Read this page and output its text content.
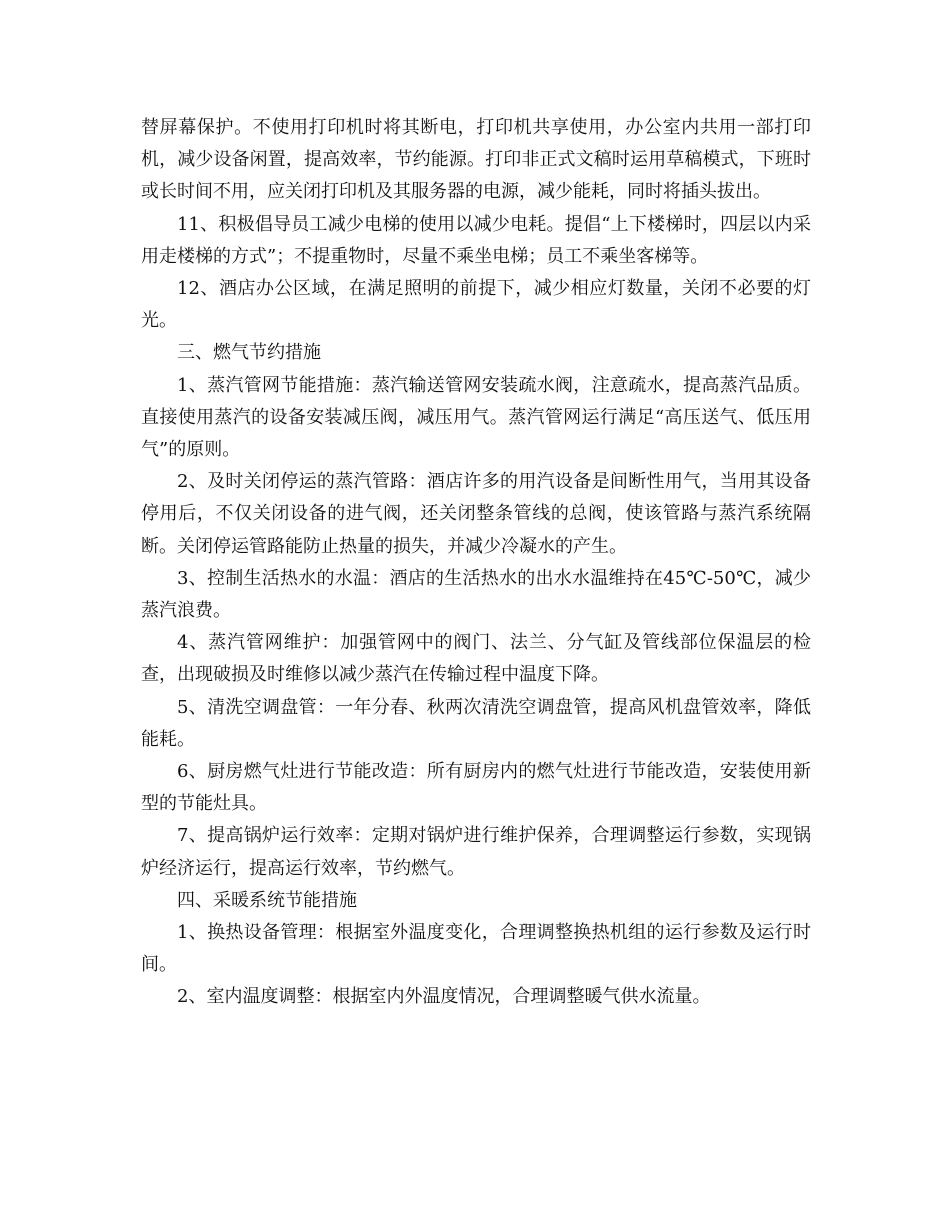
替屏幕保护。不使用打印机时将其断电，打印机共享使用，办公室内共用一部打印机，减少设备闲置，提高效率，节约能源。打印非正式文稿时运用草稿模式，下班时或长时间不用，应关闭打印机及其服务器的电源，减少能耗，同时将插头拔出。

11、积极倡导员工减少电梯的使用以减少电耗。提倡“上下楼梯时，四层以内采用走楼梯的方式”；不提重物时，尽量不乘坐电梯；员工不乘坐客梯等。

12、酒店办公区域，在满足照明的前提下，减少相应灯数量，关闭不必要的灯光。

三、燃气节约措施

1、蒸汽管网节能措施：蒸汽输送管网安装疏水阀，注意疏水，提高蒸汽品质。直接使用蒸汽的设备安装减压阀，减压用气。蒸汽管网运行满足“高压送气、低压用气”的原则。

2、及时关闭停运的蒸汽管路：酒店许多的用汽设备是间断性用气，当用其设备停用后，不仅关闭设备的进气阀，还关闭整条管线的总阀，使该管路与蒸汽系统隔断。关闭停运管路能防止热量的损失，并减少冷凝水的产生。

3、控制生活热水的水温：酒店的生活热水的出水水温维持在45℃-50℃，减少蒸汽浪费。

4、蒸汽管网维护：加强管网中的阀门、法兰、分气缸及管线部位保温层的检查，出现破损及时维修以减少蒸汽在传输过程中温度下降。

5、清洗空调盘管：一年分春、秋两次清洗空调盘管，提高风机盘管效率，降低能耗。

6、厨房燃气灶进行节能改造：所有厨房内的燃气灶进行节能改造，安装使用新型的节能灶具。

7、提高锅炉运行效率：定期对锅炉进行维护保养，合理调整运行参数，实现锅炉经济运行，提高运行效率，节约燃气。

四、采暖系统节能措施

1、换热设备管理：根据室外温度变化，合理调整换热机组的运行参数及运行时间。

2、室内温度调整：根据室内外温度情况，合理调整暖气供水流量。
